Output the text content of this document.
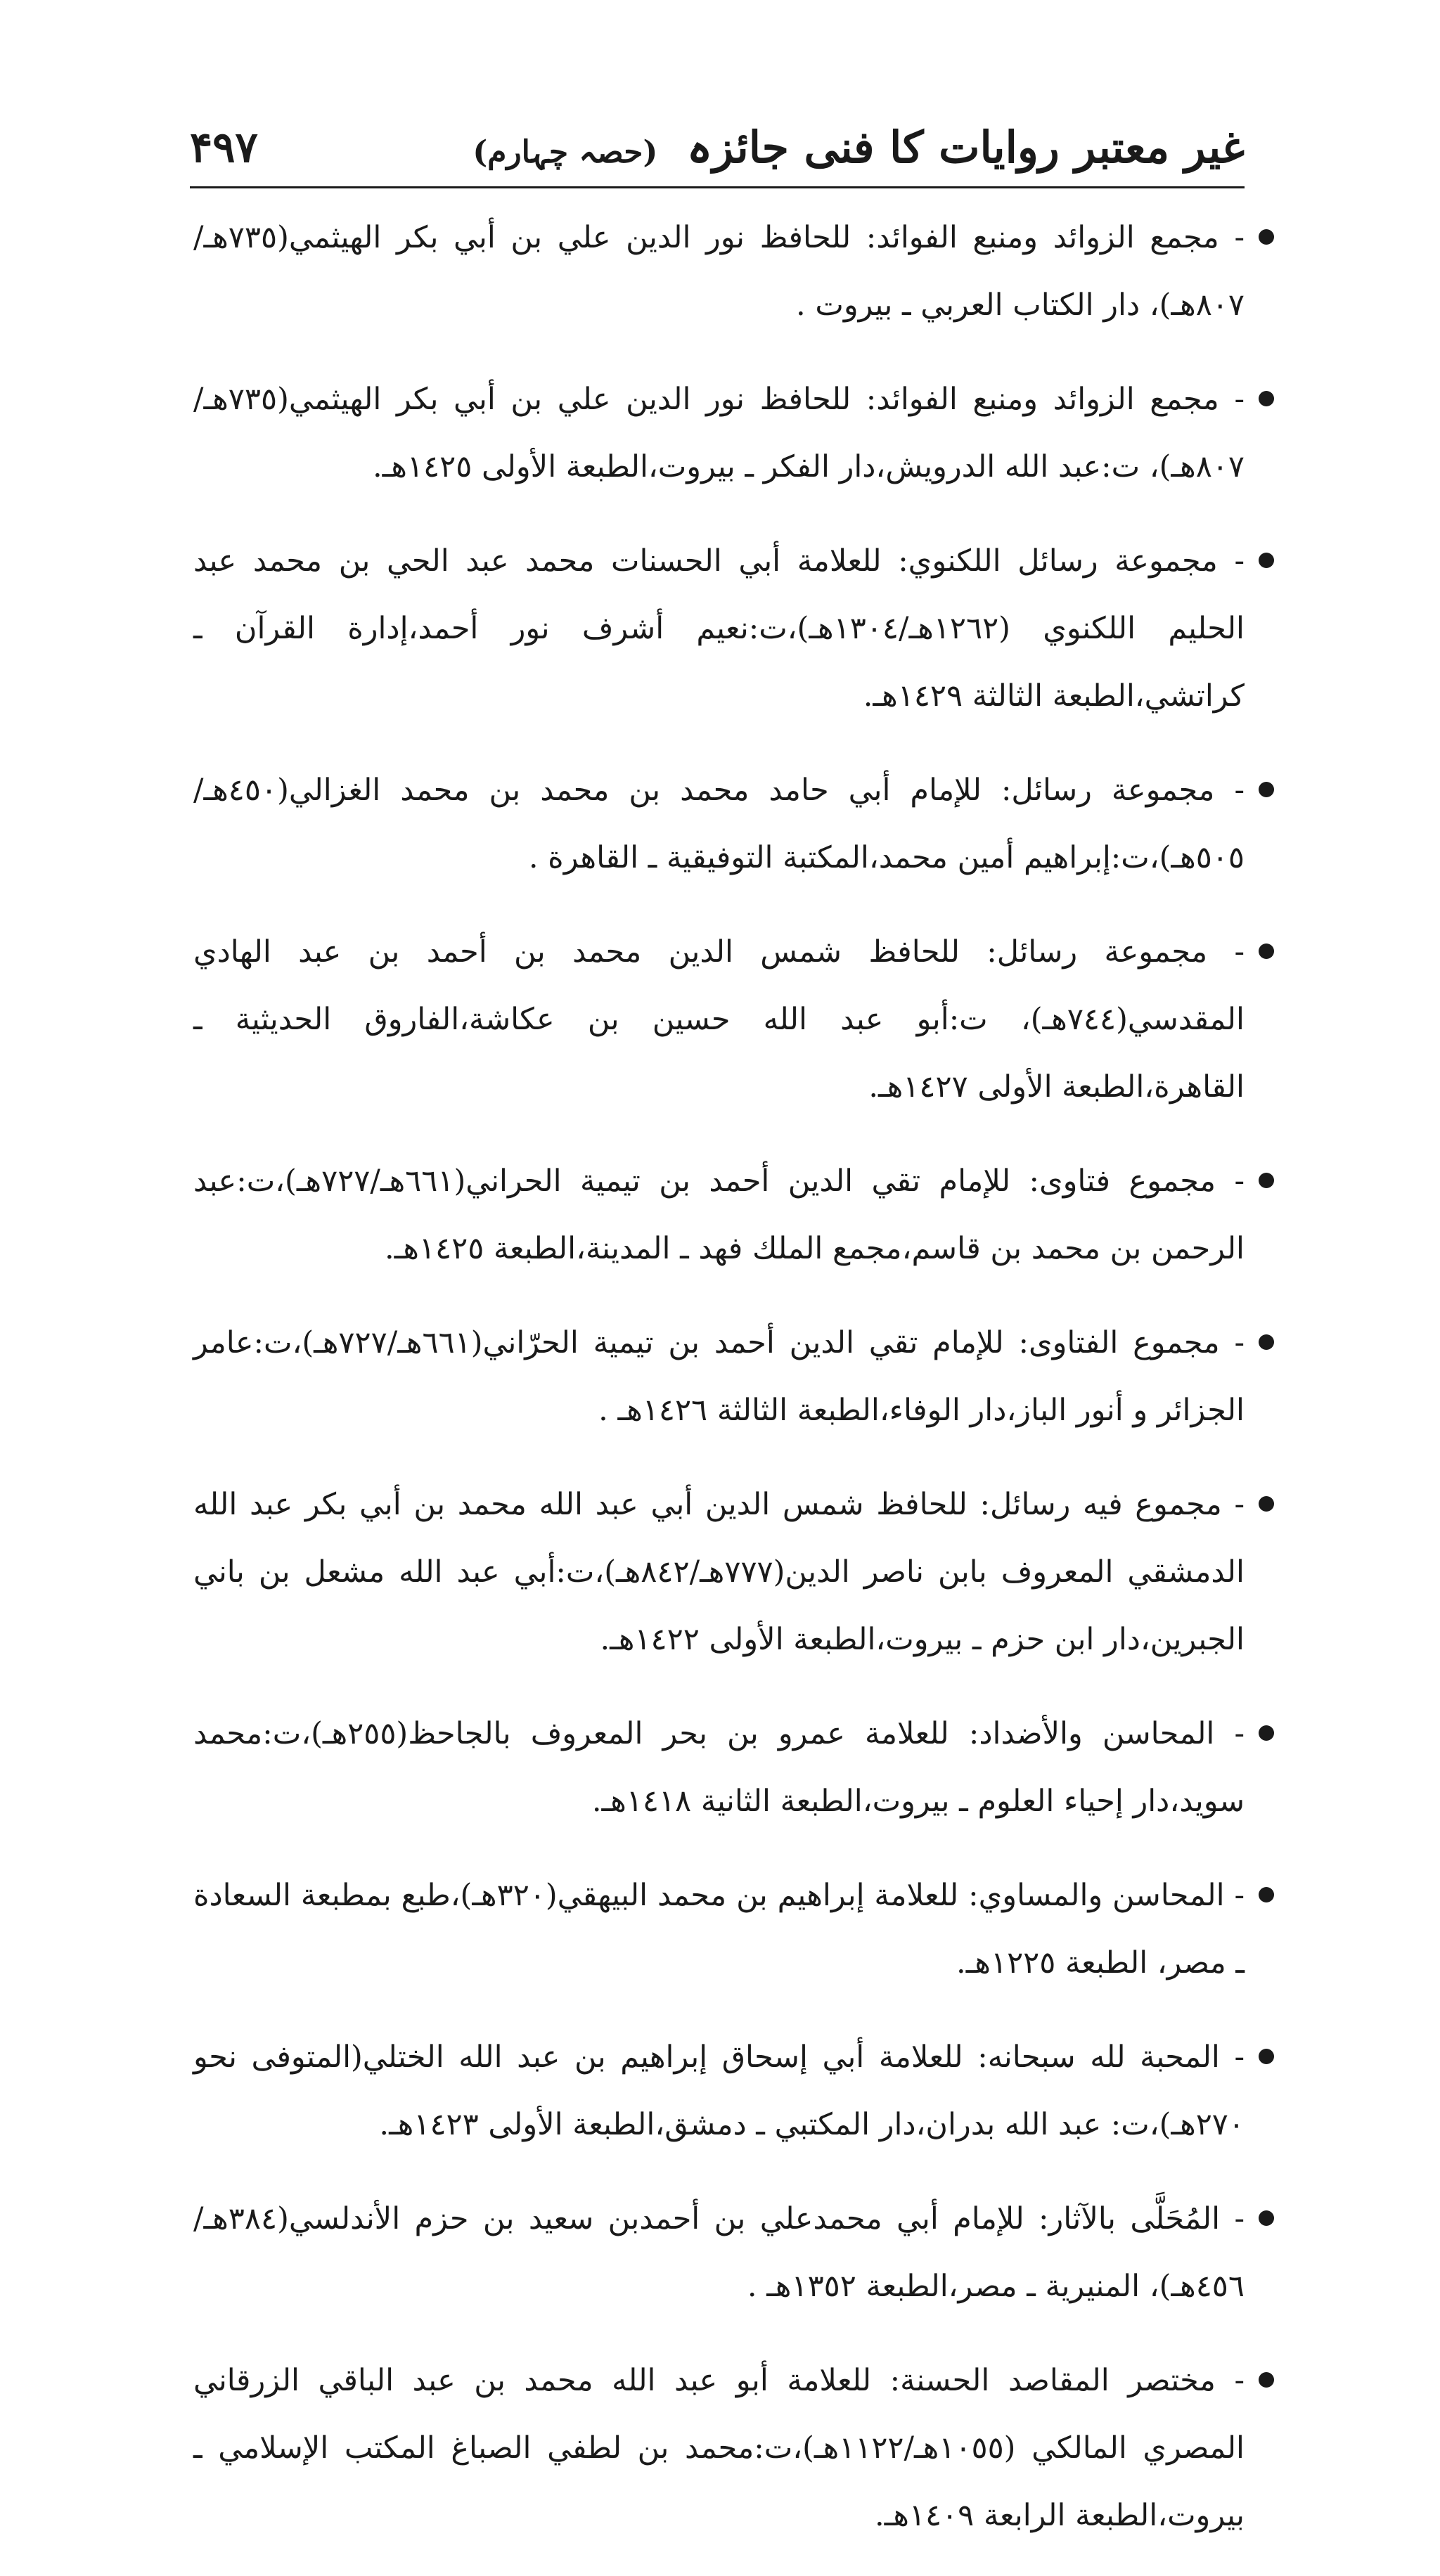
غیر معتبر روایات کا فنی جائزہ (حصہ چہارم)
۴۹۷
- مجمع الزوائد ومنبع الفوائد: للحافظ نور الدين علي بن أبي بكر الهيثمي(٧٣٥هـ/٨٠٧هـ)، دار الكتاب العربي ـ بيروت .
- مجمع الزوائد ومنبع الفوائد: للحافظ نور الدين علي بن أبي بكر الهيثمي(٧٣٥هـ/٨٠٧هـ)، ت:عبد الله الدرويش،دار الفكر ـ بيروت،الطبعة الأولى ١٤٢٥هـ.
- مجموعة رسائل اللكنوي: للعلامة أبي الحسنات محمد عبد الحي بن محمد عبد الحليم اللكنوي (١٢٦٢هـ/١٣٠٤هـ)،ت:نعيم أشرف نور أحمد،إدارة القرآن ـ كراتشي،الطبعة الثالثة ١٤٢٩هـ.
- مجموعة رسائل: للإمام أبي حامد محمد بن محمد بن محمد الغزالي(٤٥٠هـ/٥٠٥هـ)،ت:إبراهيم أمين محمد،المكتبة التوفيقية ـ القاهرة .
- مجموعة رسائل: للحافظ شمس الدين محمد بن أحمد بن عبد الهادي المقدسي(٧٤٤هـ)، ت:أبو عبد الله حسين بن عكاشة،الفاروق الحديثية ـ القاهرة،الطبعة الأولى ١٤٢٧هـ.
- مجموع فتاوى: للإمام تقي الدين أحمد بن تيمية الحراني(٦٦١هـ/٧٢٧هـ)،ت:عبد الرحمن بن محمد بن قاسم،مجمع الملك فهد ـ المدينة،الطبعة ١٤٢٥هـ.
- مجموع الفتاوى: للإمام تقي الدين أحمد بن تيمية الحرّاني(٦٦١هـ/٧٢٧هـ)،ت:عامر الجزائر و أنور الباز،دار الوفاء،الطبعة الثالثة ١٤٢٦هـ .
- مجموع فيه رسائل: للحافظ شمس الدين أبي عبد الله محمد بن أبي بكر عبد الله الدمشقي المعروف بابن ناصر الدين(٧٧٧هـ/٨٤٢هـ)،ت:أبي عبد الله مشعل بن باني الجبرين،دار ابن حزم ـ بيروت،الطبعة الأولى ١٤٢٢هـ.
- المحاسن والأضداد: للعلامة عمرو بن بحر المعروف بالجاحظ(٢٥٥هـ)،ت:محمد سويد،دار إحياء العلوم ـ بيروت،الطبعة الثانية ١٤١٨هـ.
- المحاسن والمساوي: للعلامة إبراهيم بن محمد البيهقي(٣٢٠هـ)،طبع بمطبعة السعادة ـ مصر، الطبعة ١٢٢٥هـ.
- المحبة لله سبحانه: للعلامة أبي إسحاق إبراهيم بن عبد الله الختلي(المتوفى نحو ٢٧٠هـ)،ت: عبد الله بدران،دار المكتبي ـ دمشق،الطبعة الأولى ١٤٢٣هـ.
- المُحَلَّى بالآثار: للإمام أبي محمدعلي بن أحمدبن سعيد بن حزم الأندلسي(٣٨٤هـ/٤٥٦هـ)، المنيرية ـ مصر،الطبعة ١٣٥٢هـ .
- مختصر المقاصد الحسنة: للعلامة أبو عبد الله محمد بن عبد الباقي الزرقاني المصري المالكي (١٠٥٥هـ/١١٢٢هـ)،ت:محمد بن لطفي الصباغ المكتب الإسلامي ـ بيروت،الطبعة الرابعة ١٤٠٩هـ.
